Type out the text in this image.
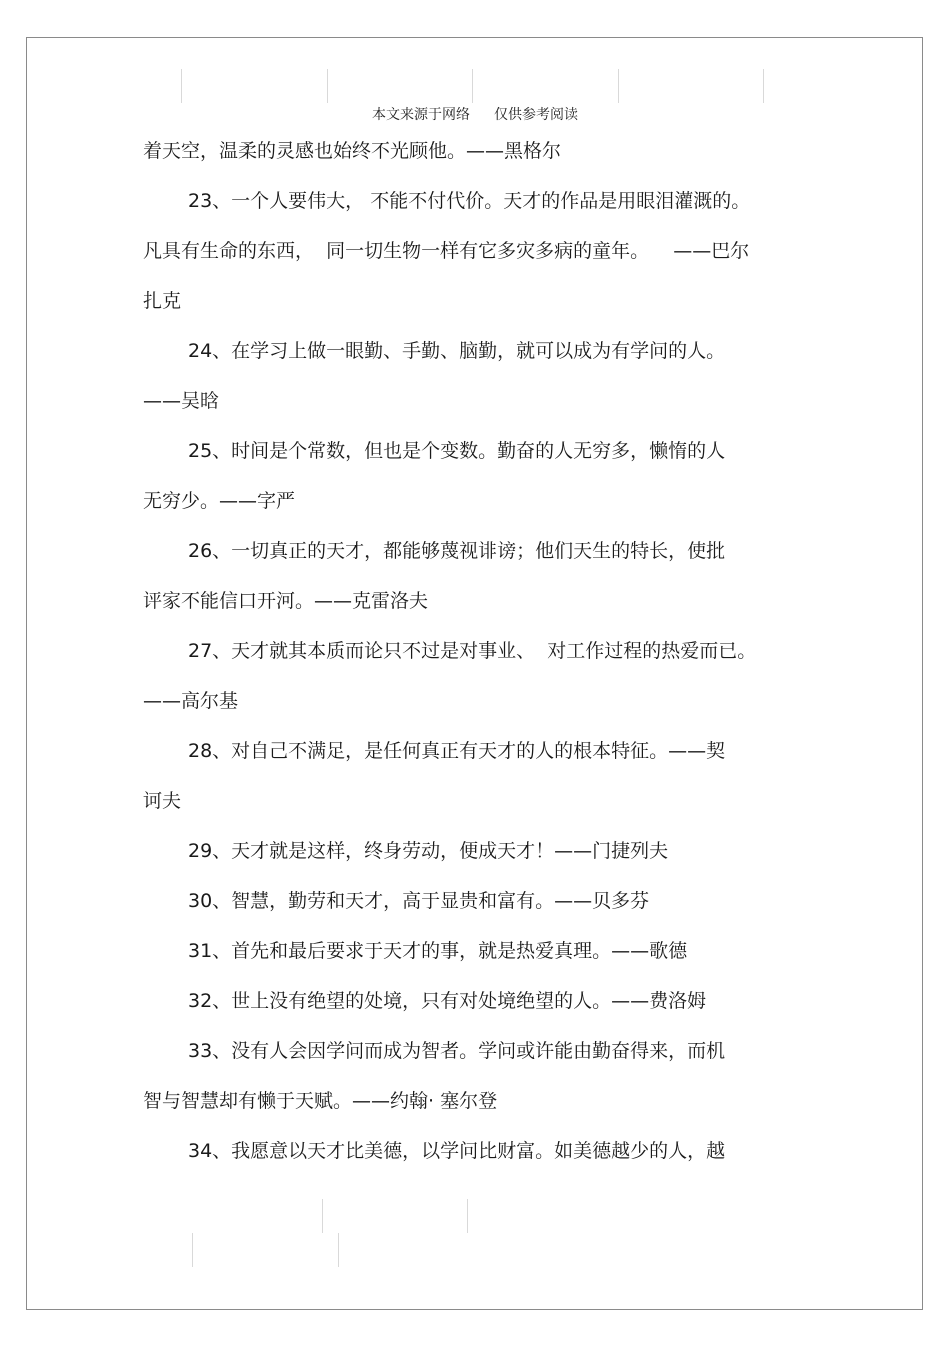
本文来源于网络 仅供参考阅读
着天空，温柔的灵感也始终不光顾他。——黑格尔
23、一个人要伟大， 不能不付代价。天才的作品是用眼泪灌溉的。
凡具有生命的东西，  同一切生物一样有它多灾多病的童年。    ——巴尔
扎克
24、在学习上做一眼勤、手勤、脑勤，就可以成为有学问的人。
——吴晗
25、时间是个常数，但也是个变数。勤奋的人无穷多，懒惰的人
无穷少。——字严
26、一切真正的天才，都能够蔑视诽谤；他们天生的特长，使批
评家不能信口开河。——克雷洛夫
27、天才就其本质而论只不过是对事业、  对工作过程的热爱而已。
——高尔基
28、对自己不满足，是任何真正有天才的人的根本特征。——契
诃夫
29、天才就是这样，终身劳动，便成天才！——门捷列夫
30、智慧，勤劳和天才，高于显贵和富有。——贝多芬
31、首先和最后要求于天才的事，就是热爱真理。——歌德
32、世上没有绝望的处境，只有对处境绝望的人。——费洛姆
33、没有人会因学问而成为智者。学问或许能由勤奋得来，而机
智与智慧却有懒于天赋。——约翰· 塞尔登
34、我愿意以天才比美德，以学问比财富。如美德越少的人，越
